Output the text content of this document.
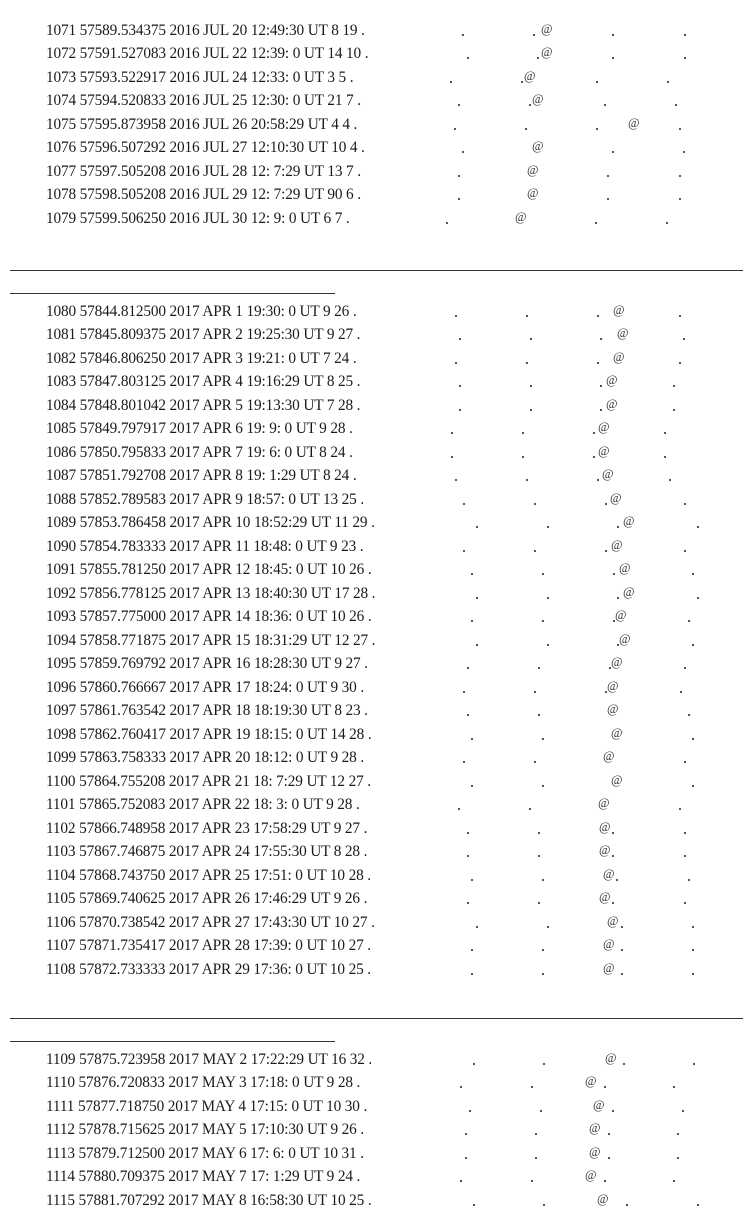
1071 57589.534375 2016 JUL 20 12:49:30 UT 8 19 .	@
1072 57591.527083 2016 JUL 22 12:39: 0 UT 14 10 .	@
1073 57593.522917 2016 JUL 24 12:33: 0 UT 3 5 .	@
1074 57594.520833 2016 JUL 25 12:30: 0 UT 21 7 .	@
1075 57595.873958 2016 JUL 26 20:58:29 UT 4 4 .	@
1076 57596.507292 2016 JUL 27 12:10:30 UT 10 4 .	@
1077 57597.505208 2016 JUL 28 12: 7:29 UT 13 7 .	@
1078 57598.505208 2016 JUL 29 12: 7:29 UT 90 6 .	@
1079 57599.506250 2016 JUL 30 12: 9: 0 UT 6 7 .	@
1080 57844.812500 2017 APR 1 19:30: 0 UT 9 26 .	@
1081 57845.809375 2017 APR 2 19:25:30 UT 9 27 .	@
1082 57846.806250 2017 APR 3 19:21: 0 UT 7 24 .	@
1083 57847.803125 2017 APR 4 19:16:29 UT 8 25 .	@
1084 57848.801042 2017 APR 5 19:13:30 UT 7 28 .	@
1085 57849.797917 2017 APR 6 19: 9: 0 UT 9 28 .	@
1086 57850.795833 2017 APR 7 19: 6: 0 UT 8 24 .	@
1087 57851.792708 2017 APR 8 19: 1:29 UT 8 24 .	@
1088 57852.789583 2017 APR 9 18:57: 0 UT 13 25 .	@
1089 57853.786458 2017 APR 10 18:52:29 UT 11 29 .	@
1090 57854.783333 2017 APR 11 18:48: 0 UT 9 23 .	@
1091 57855.781250 2017 APR 12 18:45: 0 UT 10 26 .	@
1092 57856.778125 2017 APR 13 18:40:30 UT 17 28 .	@
1093 57857.775000 2017 APR 14 18:36: 0 UT 10 26 .	@
1094 57858.771875 2017 APR 15 18:31:29 UT 12 27 .	@
1095 57859.769792 2017 APR 16 18:28:30 UT 9 27 .	@
1096 57860.766667 2017 APR 17 18:24: 0 UT 9 30 .	@
1097 57861.763542 2017 APR 18 18:19:30 UT 8 23 .	@
1098 57862.760417 2017 APR 19 18:15: 0 UT 14 28 .	@
1099 57863.758333 2017 APR 20 18:12: 0 UT 9 28 .	@
1100 57864.755208 2017 APR 21 18: 7:29 UT 12 27 .	@
1101 57865.752083 2017 APR 22 18: 3: 0 UT 9 28 .	@
1102 57866.748958 2017 APR 23 17:58:29 UT 9 27 .	@
1103 57867.746875 2017 APR 24 17:55:30 UT 8 28 .	@
1104 57868.743750 2017 APR 25 17:51: 0 UT 10 28 .	@
1105 57869.740625 2017 APR 26 17:46:29 UT 9 26 .	@
1106 57870.738542 2017 APR 27 17:43:30 UT 10 27 .	@
1107 57871.735417 2017 APR 28 17:39: 0 UT 10 27 .	@
1108 57872.733333 2017 APR 29 17:36: 0 UT 10 25 .	@
1109 57875.723958 2017 MAY 2 17:22:29 UT 16 32 .	@
1110 57876.720833 2017 MAY 3 17:18: 0 UT 9 28 .	@
1111 57877.718750 2017 MAY 4 17:15: 0 UT 10 30 .	@
1112 57878.715625 2017 MAY 5 17:10:30 UT 9 26 .	@
1113 57879.712500 2017 MAY 6 17: 6: 0 UT 10 31 .	@
1114 57880.709375 2017 MAY 7 17: 1:29 UT 9 24 .	@
1115 57881.707292 2017 MAY 8 16:58:30 UT 10 25 .	@
